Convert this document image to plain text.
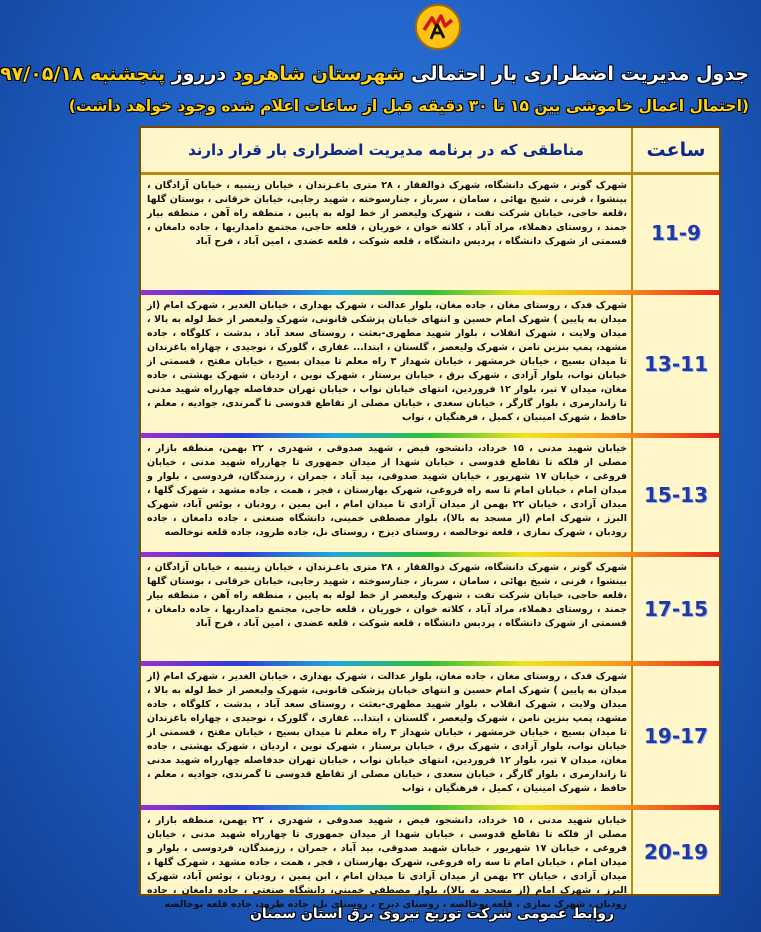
جدول مدیریت اضطراری بار احتمالی شهرستان شاهرود درروز پنجشنبه ۹۷/۰۵/۱۸
(احتمال اعمال خاموشی بین ۱۵ تا ۳۰ دقیقه قبل از ساعات اعلام شده وجود خواهد داشت)
ساعت
مناطقی که در برنامه مدیریت اضطراری بار قرار دارند
11-9
شهرک گونر ، شهرک دانشگاه، شهرک ذوالفقار ، ۲۸ متری باغـزندان ، خیابان زینبیه ، خیابان آزادگان ، بینشوا ، قرنی ، شیخ بهائی ، سامان ، سرباز ، جنارسوخته ، شهید رجایی، خیابان خرقانی ، بوستان گلها ،قلعه حاجی، خیابان شرکت نفت ، شهرک ولیعصر از خط لوله به پایین ، منطقه راه آهن ، منطقه بیار جمند ، روستای دهملاء، مراد آباد ، کلاته خوان ، خوریان ، قلعه حاجی، مجتمع دامداریها ، جاده دامغان ، قسمتی از شهرک دانشگاه ، پردیس دانشگاه ، قلعه شوکت ، قلعه عضدی ، امین آباد ، فرح آباد
13-11
شهرک فدک ، روستای مغان ، جاده مغان، بلوار عدالت ، شهرک بهداری ، خیابان الغدیر ، شهرک امام (از میدان به پایین ) شهرک امام حسین و انتهای خیابان پزشکی قانونی، شهرک ولیعصر از خط لوله به بالا ، میدان ولایت ، شهرک انقلاب ، بلوار شهید مطهری-بعثت ، روستای سعد آباد ، بدشت ، کلوگاه ، جاده مشهد، پمپ بنزین نامن ، شهرک ولیعصر ، گلستان ، ابتدا... غفاری ، گلورک ، نوجیدی ، چهاراه باغزندان تا میدان بسیج ، خیابان خرمشهر ، خیابان شهداز ۳ راه معلم تا میدان بسیج ، خیابان مفتح ، قسمتی از خیابان نواب، بلوار آزادی ، شهرک برق ، خیابان برستار ، شهرک نوین ، اردیان ، شهرک بهشتی ، جاده مغان، میدان ۷ تیر، بلوار ۱۲ فروردین، انتهای خیابان نواب ، خیابان تهران حدفاصله چهارراه شهید مدنی تا زاندارمری ، بلوار گارگر ، خیابان سعدی ، خیابان مصلی از تقاطع قدوسی تا گمرندی، جوادیه ، معلم ، حافظ ، شهرک امینیان ، کمیل ، فرهنگیان ، نواب
15-13
خیابان شهید مدنی ، ۱۵ خرداد، دانشجو، فیض ، شهید صدوقی ، شهدری ، ۲۲ بهمن، منطقه بازار ، مصلی از فلکه تا تقاطع قدوسی ، خیابان شهدا از میدان جمهوری تا چهارراه شهید مدنی ، خیابان فروغی ، خیابان ۱۷ شهریور ، خیابان شهید صدوقی، بید آباد ، جمران ، رزمندگان، فردوسی ، بلوار و میدان امام ، خیابان امام تا سه راه فروغی، شهرک بهارستان ، فجر ، همت ، جاده مشهد ، شهرک گلها ، میدان آزادی ، خیابان ۲۲ بهمن از میدان آزادی تا میدان امام ، ابن یمین ، رودبان ، بوئس آباد، شهرک البرز ، شهرک امام (از مسجد به بالا)، بلوار مصطفی خمینی، دانشگاه صنعتی ، جاده دامغان ، جاده رودبان ، شهرک نمازی ، قلعه نوخالصه ، روستای دیزج ، روستای نل، جاده طرود، جاده قلعه نوخالصه
17-15
شهرک گونر ، شهرک دانشگاه، شهرک ذوالفقار ، ۲۸ متری باغـزندان ، خیابان زینبیه ، خیابان آزادگان ، بینشوا ، قرنی ، شیخ بهائی ، سامان ، سرباز ، جنارسوخته ، شهید رجایی، خیابان خرقانی ، بوستان گلها ،قلعه حاجی، خیابان شرکت نفت ، شهرک ولیعصر از خط لوله به پایین ، منطقه راه آهن ، منطقه بیار جمند ، روستای دهملاء، مراد آباد ، کلاته خوان ، خوریان ، قلعه حاجی، مجتمع دامداریها ، جاده دامغان ، قسمتی از شهرک دانشگاه ، پردیس دانشگاه ، قلعه شوکت ، قلعه عضدی ، امین آباد ، فرح آباد
19-17
شهرک فدک ، روستای مغان ، جاده مغان، بلوار عدالت ، شهرک بهداری ، خیابان الغدیر ، شهرک امام (از میدان به پایین ) شهرک امام حسین و انتهای خیابان پزشکی قانونی، شهرک ولیعصر از خط لوله به بالا ، میدان ولایت ، شهرک انقلاب ، بلوار شهید مطهری-بعثت ، روستای سعد آباد ، بدشت ، کلوگاه ، جاده مشهد، پمپ بنزین نامن ، شهرک ولیعصر ، گلستان ، ابتدا... غفاری ، گلورک ، نوجیدی ، چهاراه باغزندان تا میدان بسیج ، خیابان خرمشهر ، خیابان شهداز ۳ راه معلم تا میدان بسیج ، خیابان مفتح ، قسمتی از خیابان نواب، بلوار آزادی ، شهرک برق ، خیابان برستار ، شهرک نوین ، اردیان ، شهرک بهشتی ، جاده مغان، میدان ۷ تیر، بلوار ۱۲ فروردین، انتهای خیابان نواب ، خیابان تهران حدفاصله چهارراه شهید مدنی تا زاندارمری ، بلوار گارگر ، خیابان سعدی ، خیابان مصلی از تقاطع قدوسی تا گمرندی، جوادیه ، معلم ، حافظ ، شهرک امینیان ، کمیل ، فرهنگیان ، نواب
20-19
خیابان شهید مدنی ، ۱۵ خرداد، دانشجو، فیض ، شهید صدوقی ، شهدری ، ۲۲ بهمن، منطقه بازار ، مصلی از فلکه تا تقاطع قدوسی ، خیابان شهدا از میدان جمهوری تا چهارراه شهید مدنی ، خیابان فروغی ، خیابان ۱۷ شهریور ، خیابان شهید صدوقی، بید آباد ، جمران ، رزمندگان، فردوسی ، بلوار و میدان امام ، خیابان امام تا سه راه فروغی، شهرک بهارستان ، فجر ، همت ، جاده مشهد ، شهرک گلها ، میدان آزادی ، خیابان ۲۲ بهمن از میدان آزادی تا میدان امام ، ابن یمین ، رودبان ، بوئس آباد، شهرک البرز ، شهرک امام (از مسجد به بالا)، بلوار مصطفی خمینی، دانشگاه صنعتی ، جاده دامغان ، جاده رودبان ، شهرک نمازی ، قلعه نوخالصه ، روستای دیزج ، روستای نل، جاده طرود، جاده قلعه نوخالصه
روابط عمومی شرکت توزیع نیروی برق استان سمنان
